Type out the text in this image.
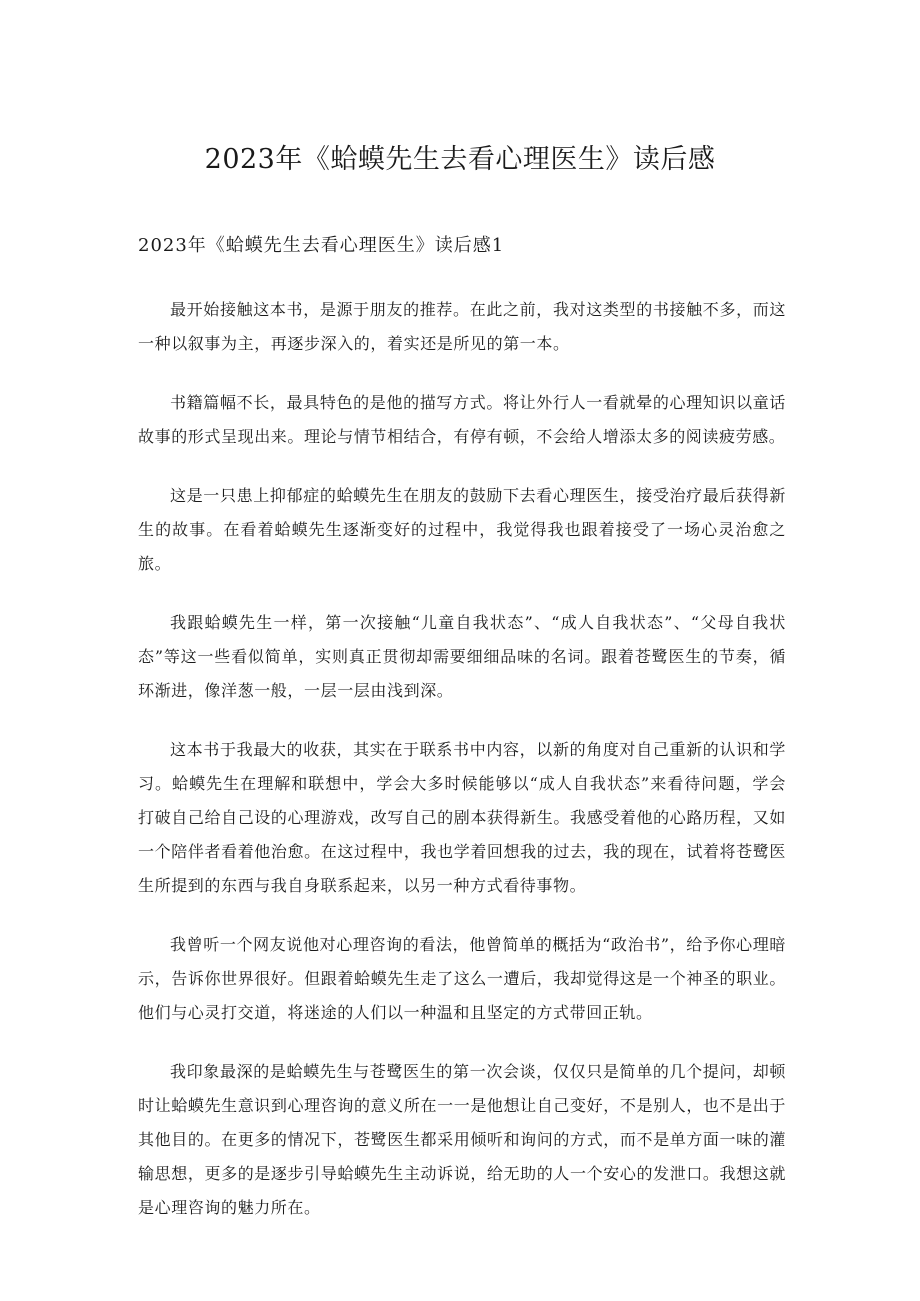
2023年《蛤蟆先生去看心理医生》读后感
2023年《蛤蟆先生去看心理医生》读后感1

最开始接触这本书，是源于朋友的推荐。在此之前，我对这类型的书接触不多，而这一种以叙事为主，再逐步深入的，着实还是所见的第一本。

书籍篇幅不长，最具特色的是他的描写方式。将让外行人一看就晕的心理知识以童话故事的形式呈现出来。理论与情节相结合，有停有顿，不会给人增添太多的阅读疲劳感。

这是一只患上抑郁症的蛤蟆先生在朋友的鼓励下去看心理医生，接受治疗最后获得新生的故事。在看着蛤蟆先生逐渐变好的过程中，我觉得我也跟着接受了一场心灵治愈之旅。

我跟蛤蟆先生一样，第一次接触“儿童自我状态”、“成人自我状态”、“父母自我状态”等这一些看似简单，实则真正贯彻却需要细细品味的名词。跟着苍鹭医生的节奏，循环渐进，像洋葱一般，一层一层由浅到深。

这本书于我最大的收获，其实在于联系书中内容，以新的角度对自己重新的认识和学习。蛤蟆先生在理解和联想中，学会大多时候能够以“成人自我状态”来看待问题，学会打破自己给自己设的心理游戏，改写自己的剧本获得新生。我感受着他的心路历程，又如一个陪伴者看着他治愈。在这过程中，我也学着回想我的过去，我的现在，试着将苍鹭医生所提到的东西与我自身联系起来，以另一种方式看待事物。

我曾听一个网友说他对心理咨询的看法，他曾简单的概括为“政治书”，给予你心理暗示，告诉你世界很好。但跟着蛤蟆先生走了这么一遭后，我却觉得这是一个神圣的职业。他们与心灵打交道，将迷途的人们以一种温和且坚定的方式带回正轨。

我印象最深的是蛤蟆先生与苍鹭医生的第一次会谈，仅仅只是简单的几个提问，却顿时让蛤蟆先生意识到心理咨询的意义所在一一是他想让自己变好，不是别人，也不是出于其他目的。在更多的情况下，苍鹭医生都采用倾听和询问的方式，而不是单方面一味的灌输思想，更多的是逐步引导蛤蟆先生主动诉说，给无助的人一个安心的发泄口。我想这就是心理咨询的魅力所在。
